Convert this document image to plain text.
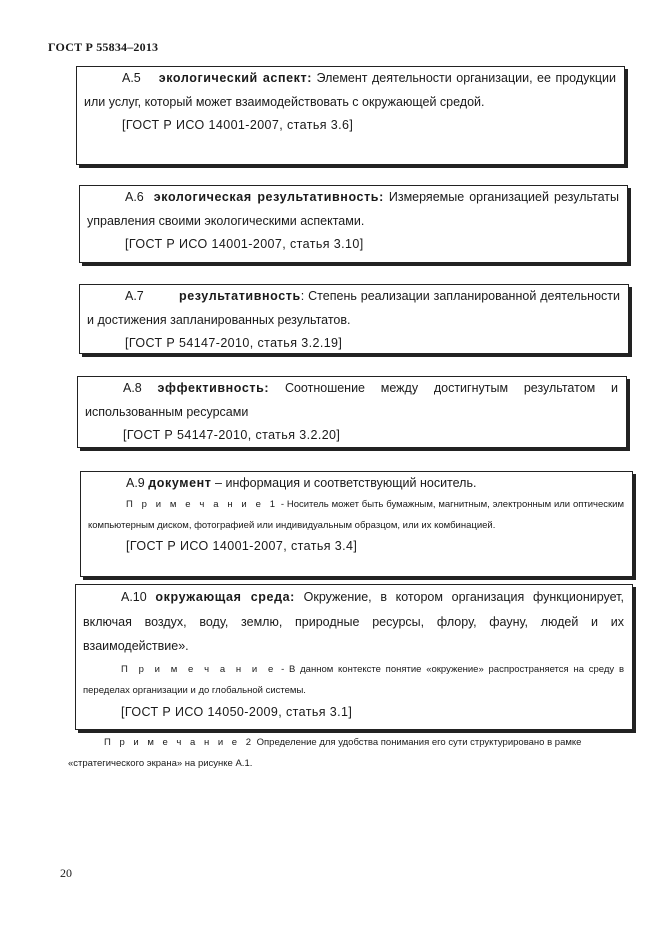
ГОСТ Р 55834–2013
А.5 экологический аспект: Элемент деятельности организации, ее продукции или услуг, который может взаимодействовать с окружающей средой.
[ГОСТ Р ИСО 14001-2007, статья 3.6]
А.6 экологическая результативность: Измеряемые организацией результаты управления своими экологическими аспектами.
[ГОСТ Р ИСО 14001-2007, статья 3.10]
А.7	результативность: Степень реализации запланированной деятельности и достижения запланированных результатов.
[ГОСТ Р 54147-2010, статья 3.2.19]
А.8 эффективность: Соотношение между достигнутым результатом и использованным ресурсами
[ГОСТ Р 54147-2010, статья 3.2.20]
А.9 документ – информация и соответствующий носитель.
П р и м е ч а н и е 1 - Носитель может быть бумажным, магнитным, электронным или оптическим компьютерным диском, фотографией или индивидуальным образцом, или их комбинацией.
[ГОСТ Р ИСО 14001-2007, статья 3.4]
А.10 окружающая среда: Окружение, в котором организация функционирует, включая воздух, воду, землю, природные ресурсы, флору, фауну, людей и их взаимодействие».
П р и м е ч а н и е - В данном контексте понятие «окружение» распространяется на среду в переделах организации и до глобальной системы.
[ГОСТ Р ИСО 14050-2009, статья 3.1]
П р и м е ч а н и е 2 Определение для удобства понимания его сути структурировано в рамке «стратегического экрана» на рисунке А.1.
20
